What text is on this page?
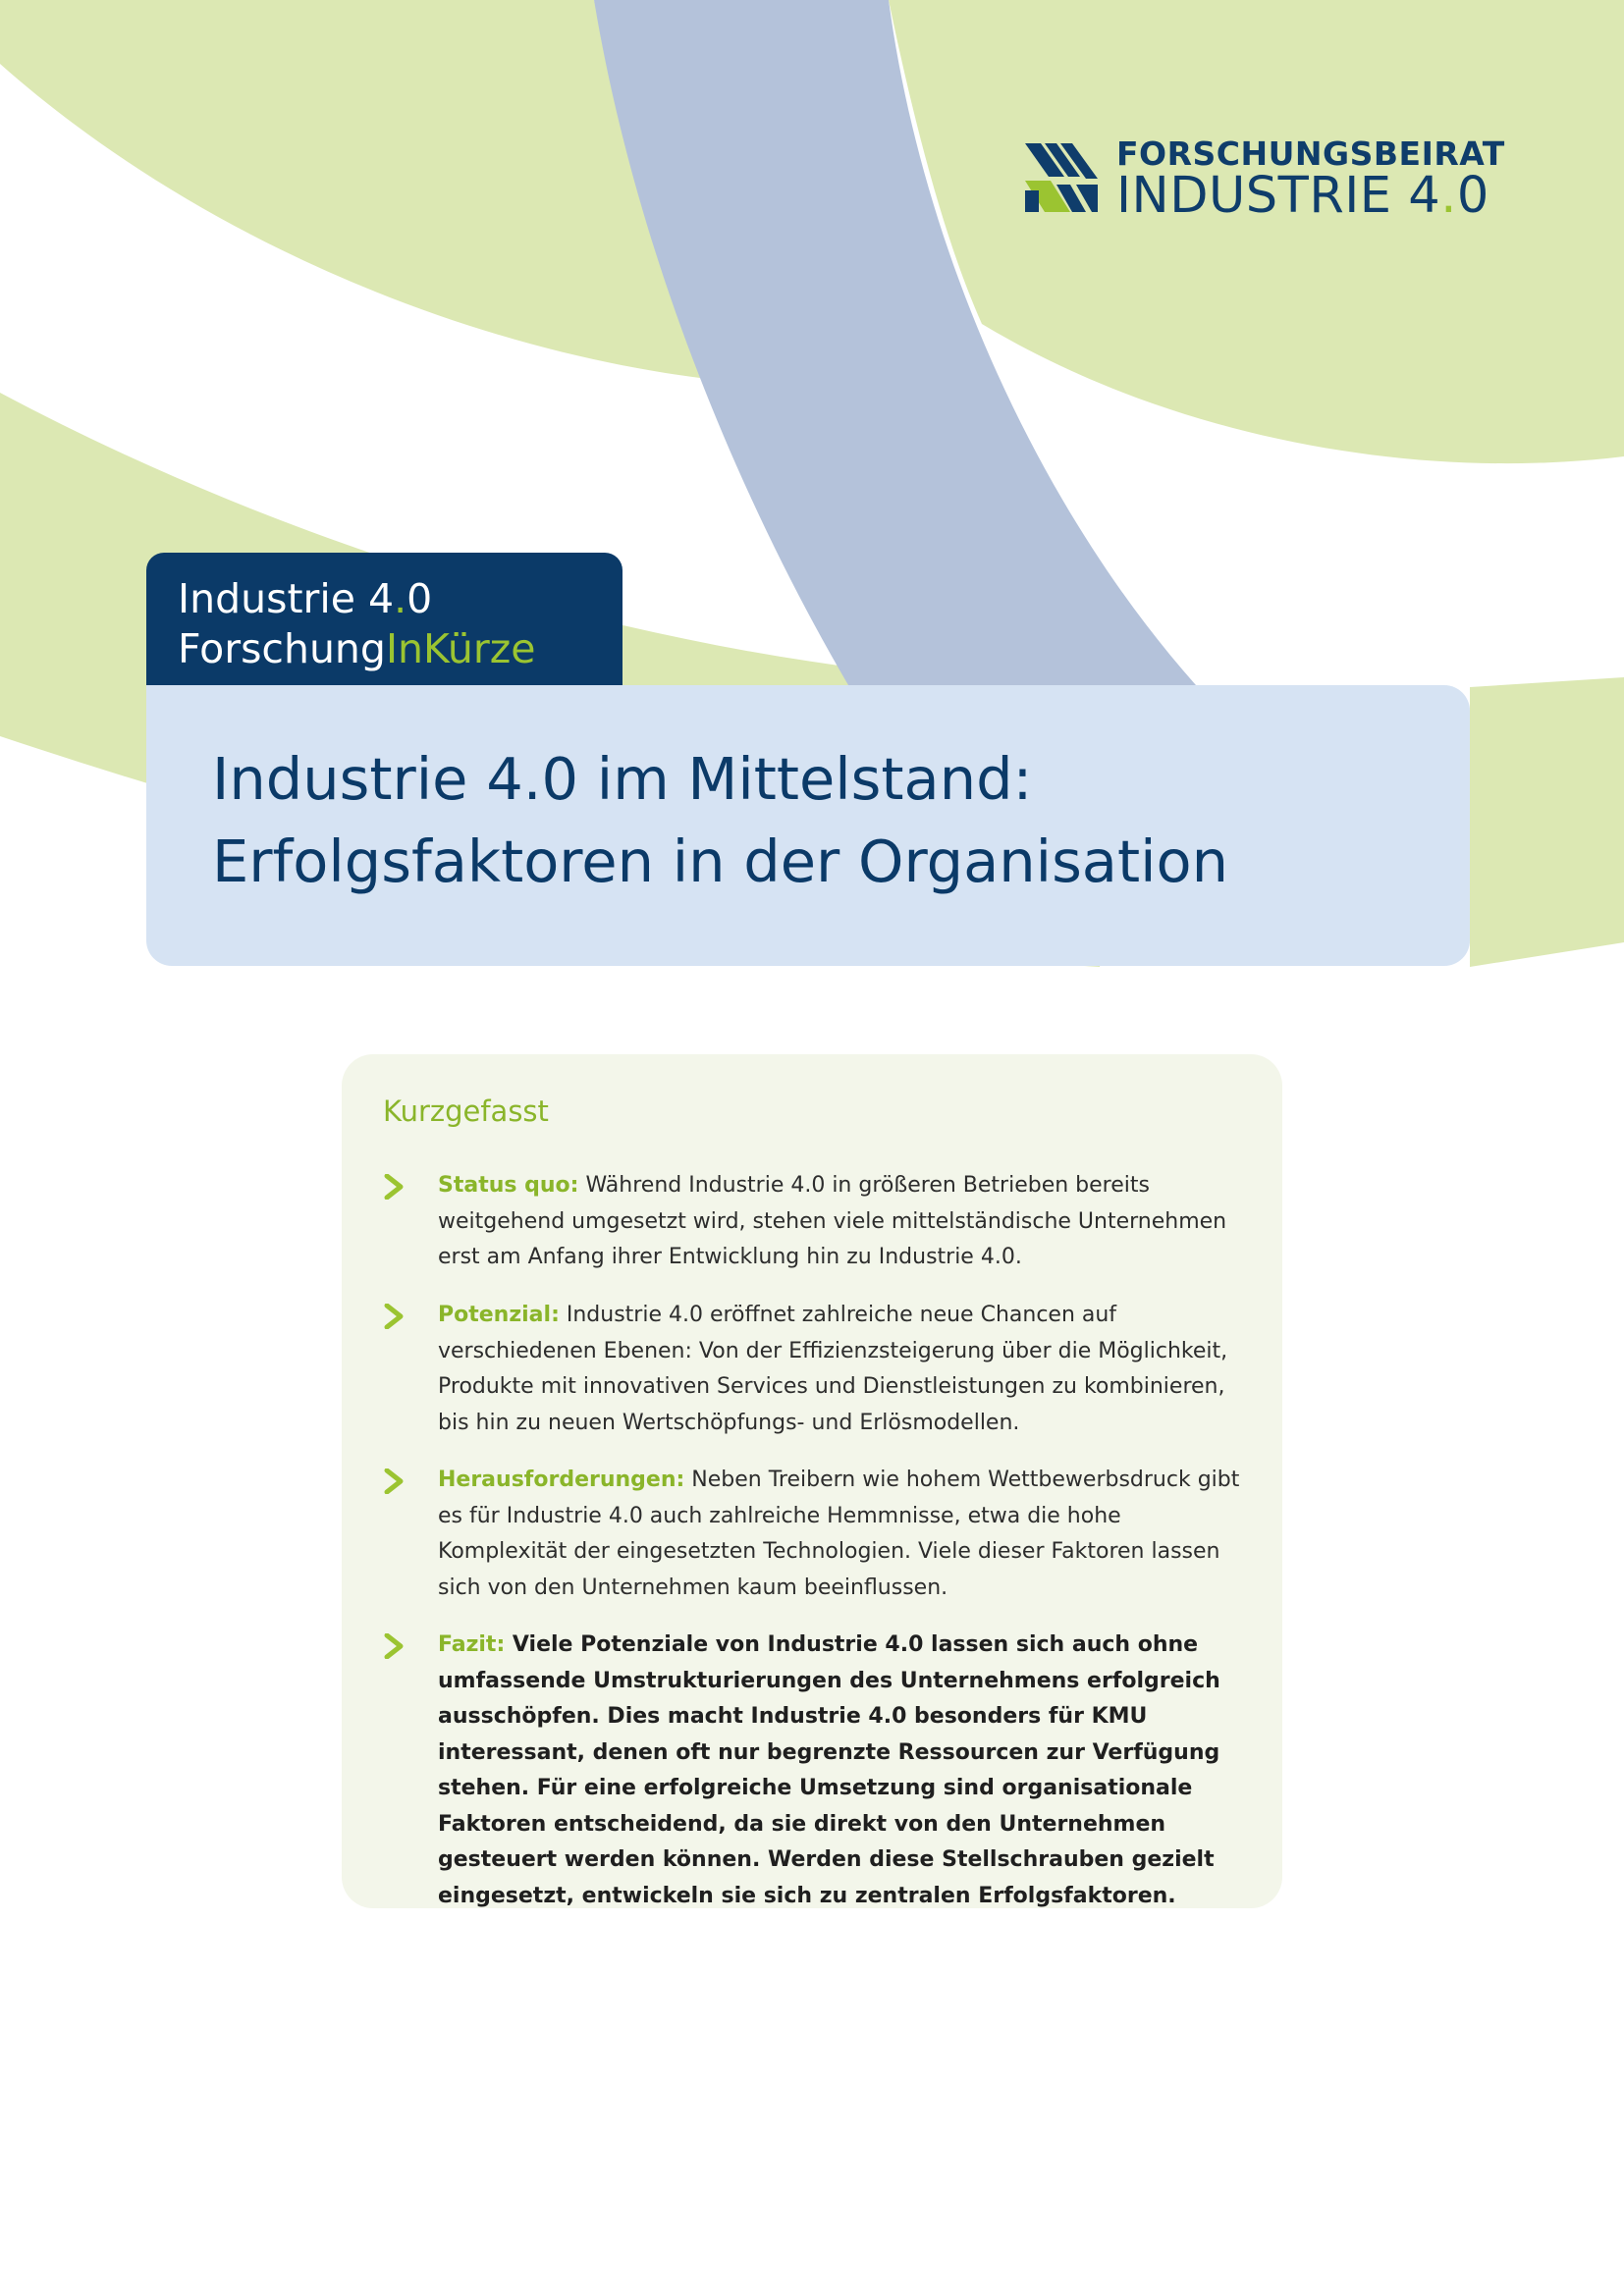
FORSCHUNGSBEIRAT
INDUSTRIE 4.0
Industrie 4.0
ForschungInKürze
Industrie 4.0 im Mittelstand:
Erfolgsfaktoren in der Organisation
Kurzgefasst
Status quo: Während Industrie 4.0 in größeren Betrieben bereits weitgehend umgesetzt wird, stehen viele mittelständische Unternehmen erst am Anfang ihrer Entwicklung hin zu Industrie 4.0.
Potenzial: Industrie 4.0 eröffnet zahlreiche neue Chancen auf verschiedenen Ebenen: Von der Effizienzsteigerung über die Möglichkeit, Produkte mit innovativen Services und Dienstleistungen zu kombinieren, bis hin zu neuen Wertschöpfungs- und Erlösmodellen.
Herausforderungen: Neben Treibern wie hohem Wettbewerbsdruck gibt es für Industrie 4.0 auch zahlreiche Hemmnisse, etwa die hohe Komplexität der eingesetzten Technologien. Viele dieser Faktoren lassen sich von den Unternehmen kaum beeinflussen.
Fazit: Viele Potenziale von Industrie 4.0 lassen sich auch ohne umfassende Umstrukturierungen des Unternehmens erfolgreich ausschöpfen. Dies macht Industrie 4.0 besonders für KMU interessant, denen oft nur begrenzte Ressourcen zur Verfügung stehen. Für eine erfolgreiche Umsetzung sind organisationale Faktoren entscheidend, da sie direkt von den Unternehmen gesteuert werden können. Werden diese Stellschrauben gezielt eingesetzt, entwickeln sie sich zu zentralen Erfolgsfaktoren.
